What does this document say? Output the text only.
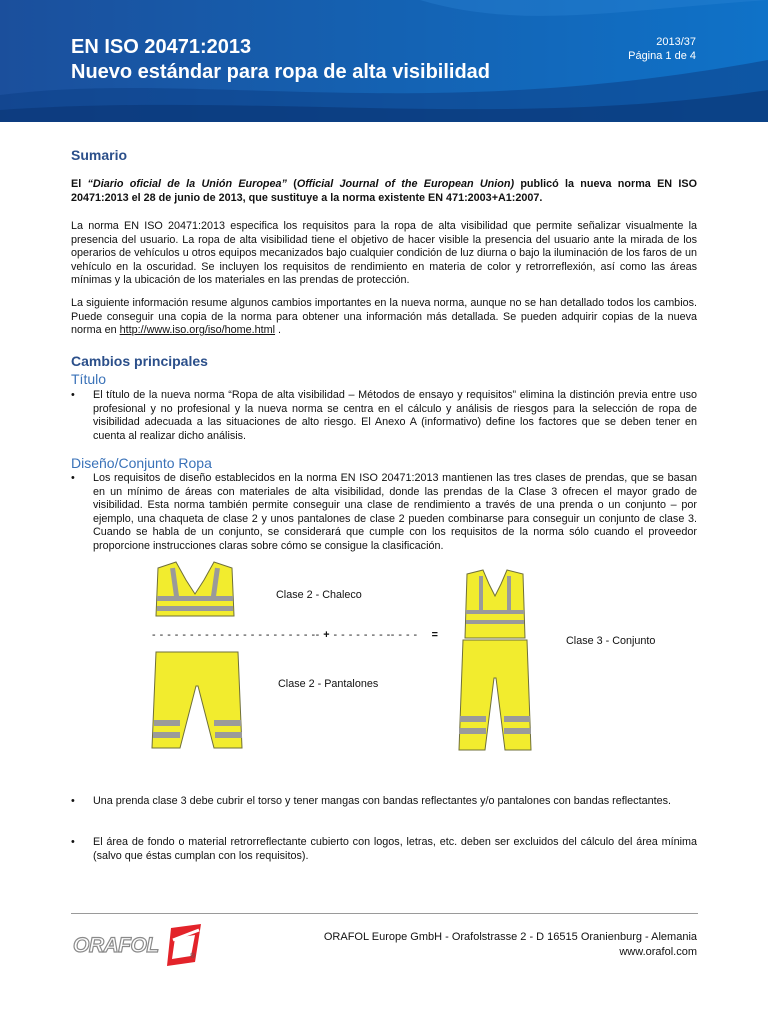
EN ISO 20471:2013
Nuevo estándar para ropa de alta visibilidad
2013/37
Página 1 de 4
Sumario

El “Diario oficial de la Unión Europea” (Official Journal of the European Union) publicó la nueva norma EN ISO 20471:2013 el 28 de junio de 2013, que sustituye a la norma existente EN 471:2003+A1:2007.

La norma EN ISO 20471:2013 especifica los requisitos para la ropa de alta visibilidad que permite señalizar visualmente la presencia del usuario. La ropa de alta visibilidad tiene el objetivo de hacer visible la presencia del usuario ante la mirada de los operarios de vehículos u otros equipos mecanizados bajo cualquier condición de luz diurna o bajo la iluminación de los faros de un vehículo en la oscuridad. Se incluyen los requisitos de rendimiento en materia de color y retrorreflexión, así como las áreas mínimas y la ubicación de los materiales en las prendas de protección.

La siguiente información resume algunos cambios importantes en la nueva norma, aunque no se han detallado todos los cambios. Puede conseguir una copia de la norma para obtener una información más detallada. Se pueden adquirir copias de la nueva norma en http://www.iso.org/iso/home.html .

Cambios principales
Título
•	El título de la nueva norma “Ropa de alta visibilidad – Métodos de ensayo y requisitos” elimina la distinción previa entre uso profesional y no profesional y la nueva norma se centra en el cálculo y análisis de riesgos para la selección de ropa de visibilidad adecuada a las situaciones de alto riesgo. El Anexo A (informativo) define los factores que se deben tener en cuenta al realizar dicho análisis.
Diseño/Conjunto Ropa
•	Los requisitos de diseño establecidos en la norma EN ISO 20471:2013 mantienen las tres clases de prendas, que se basan en un mínimo de áreas con materiales de alta visibilidad, donde las prendas de la Clase 3 ofrecen el mayor grado de visibilidad. Esta norma también permite conseguir una clase de rendimiento a través de una prenda o un conjunto – por ejemplo, una chaqueta de clase 2 y unos pantalones de clase 2 pueden combinarse para conseguir un conjunto de clase 3. Cuando se habla de un conjunto, se considerará que cumple con los requisitos de la norma sólo cuando el proveedor proporcione instrucciones claras sobre cómo se consigue la clasificación.
Clase 2 - Chaleco
- - - - - - - - - - - - - - - - - - - - - -- + - - - - - - - -- - - - =
Clase 2 - Pantalones
Clase 3 - Conjunto
•	Una prenda clase 3 debe cubrir el torso y tener mangas con bandas reflectantes y/o pantalones con bandas reflectantes.
•	El área de fondo o material retrorreflectante cubierto con logos, letras, etc. deben ser excluidos del cálculo del área mínima (salvo que éstas cumplan con los requisitos).
ORAFOL	®
ORAFOL Europe GmbH - Orafolstrasse 2 - D 16515 Oranienburg - Alemania
www.orafol.com
